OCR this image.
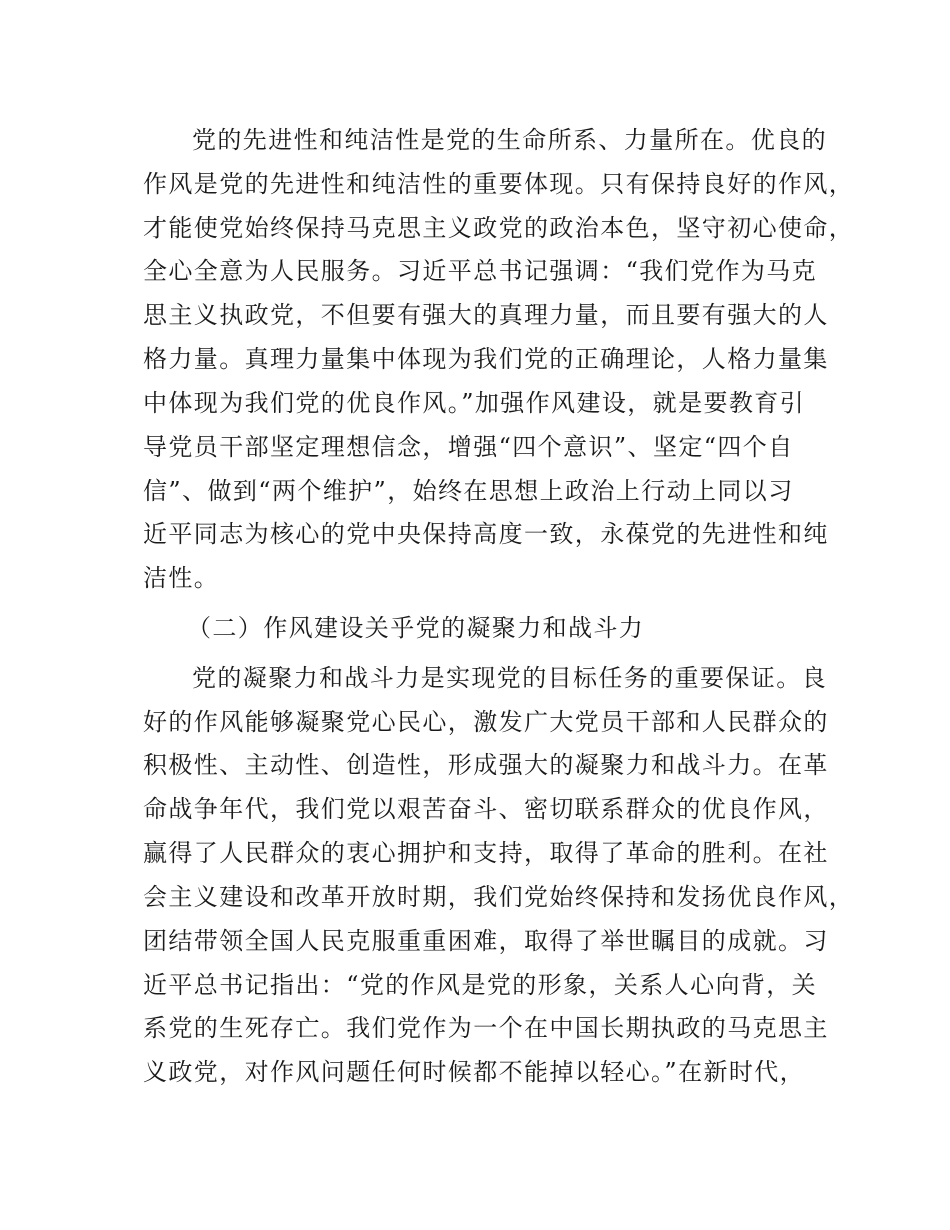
党的先进性和纯洁性是党的生命所系、力量所在。优良的
作风是党的先进性和纯洁性的重要体现。只有保持良好的作风，
才能使党始终保持马克思主义政党的政治本色，坚守初心使命，
全心全意为人民服务。习近平总书记强调：“我们党作为马克
思主义执政党，不但要有强大的真理力量，而且要有强大的人
格力量。真理力量集中体现为我们党的正确理论，人格力量集
中体现为我们党的优良作风。”加强作风建设，就是要教育引
导党员干部坚定理想信念，增强“四个意识”、坚定“四个自
信”、做到“两个维护”，始终在思想上政治上行动上同以习
近平同志为核心的党中央保持高度一致，永葆党的先进性和纯
洁性。
（二）作风建设关乎党的凝聚力和战斗力
党的凝聚力和战斗力是实现党的目标任务的重要保证。良
好的作风能够凝聚党心民心，激发广大党员干部和人民群众的
积极性、主动性、创造性，形成强大的凝聚力和战斗力。在革
命战争年代，我们党以艰苦奋斗、密切联系群众的优良作风，
赢得了人民群众的衷心拥护和支持，取得了革命的胜利。在社
会主义建设和改革开放时期，我们党始终保持和发扬优良作风，
团结带领全国人民克服重重困难，取得了举世瞩目的成就。习
近平总书记指出：“党的作风是党的形象，关系人心向背，关
系党的生死存亡。我们党作为一个在中国长期执政的马克思主
义政党，对作风问题任何时候都不能掉以轻心。”在新时代，
